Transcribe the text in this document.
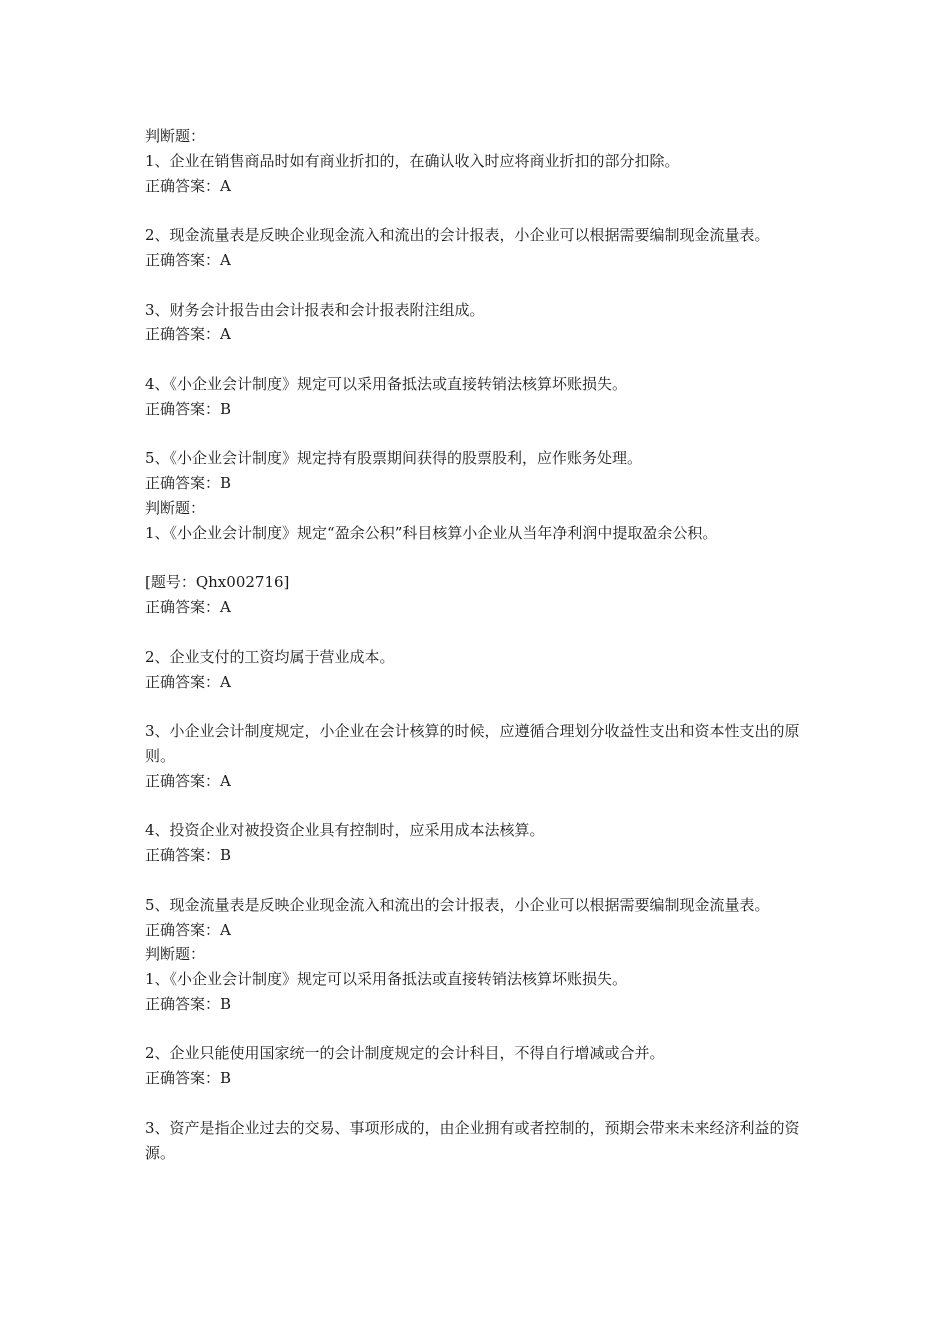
判断题：
1、企业在销售商品时如有商业折扣的，在确认收入时应将商业折扣的部分扣除。
正确答案：A
2、现金流量表是反映企业现金流入和流出的会计报表，小企业可以根据需要编制现金流量表。
正确答案：A
3、财务会计报告由会计报表和会计报表附注组成。
正确答案：A
4、《小企业会计制度》规定可以采用备抵法或直接转销法核算坏账损失。
正确答案：B
5、《小企业会计制度》规定持有股票期间获得的股票股利，应作账务处理。
正确答案：B
判断题：
1、《小企业会计制度》规定“盈余公积”科目核算小企业从当年净利润中提取盈余公积。
[题号：Qhx002716]
正确答案：A
2、企业支付的工资均属于营业成本。
正确答案：A
3、小企业会计制度规定，小企业在会计核算的时候，应遵循合理划分收益性支出和资本性支出的原则。
正确答案：A
4、投资企业对被投资企业具有控制时，应采用成本法核算。
正确答案：B
5、现金流量表是反映企业现金流入和流出的会计报表，小企业可以根据需要编制现金流量表。
正确答案：A
判断题：
1、《小企业会计制度》规定可以采用备抵法或直接转销法核算坏账损失。
正确答案：B
2、企业只能使用国家统一的会计制度规定的会计科目，不得自行增减或合并。
正确答案：B
3、资产是指企业过去的交易、事项形成的，由企业拥有或者控制的，预期会带来未来经济利益的资源。
